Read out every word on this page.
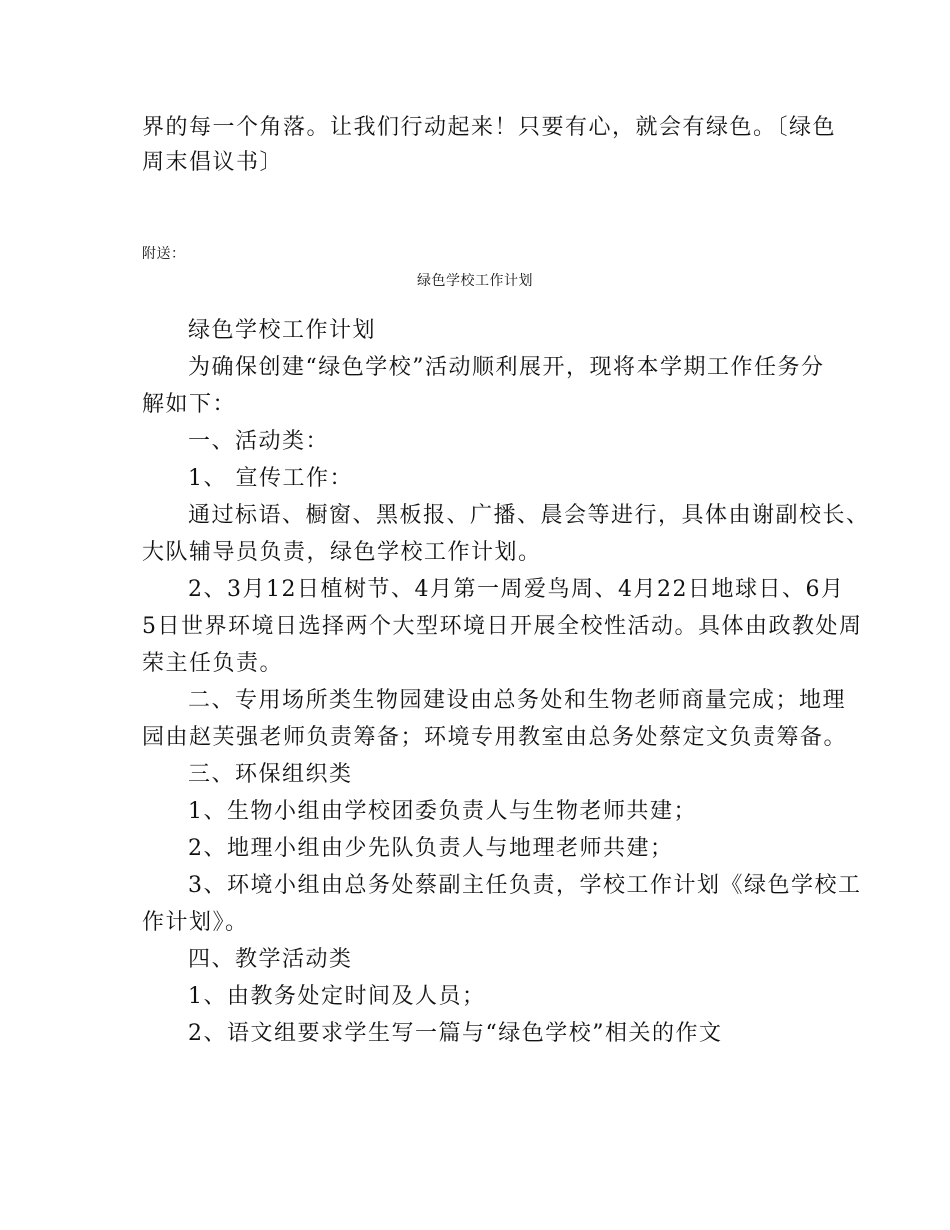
界的每一个角落。让我们行动起来！只要有心，就会有绿色。〔绿色
周末倡议书〕
附送：
绿色学校工作计划
绿色学校工作计划
为确保创建“绿色学校”活动顺利展开，现将本学期工作任务分
解如下：
一、活动类：
1、 宣传工作：
通过标语、橱窗、黑板报、广播、晨会等进行，具体由谢副校长、
大队辅导员负责，绿色学校工作计划。
2、3月12日植树节、4月第一周爱鸟周、4月22日地球日、6月
5日世界环境日选择两个大型环境日开展全校性活动。具体由政教处周
荣主任负责。
二、专用场所类生物园建设由总务处和生物老师商量完成；地理
园由赵芙强老师负责筹备；环境专用教室由总务处蔡定文负责筹备。
三、环保组织类
1、生物小组由学校团委负责人与生物老师共建；
2、地理小组由少先队负责人与地理老师共建；
3、环境小组由总务处蔡副主任负责，学校工作计划《绿色学校工
作计划》。
四、教学活动类
1、由教务处定时间及人员；
2、语文组要求学生写一篇与“绿色学校”相关的作文
